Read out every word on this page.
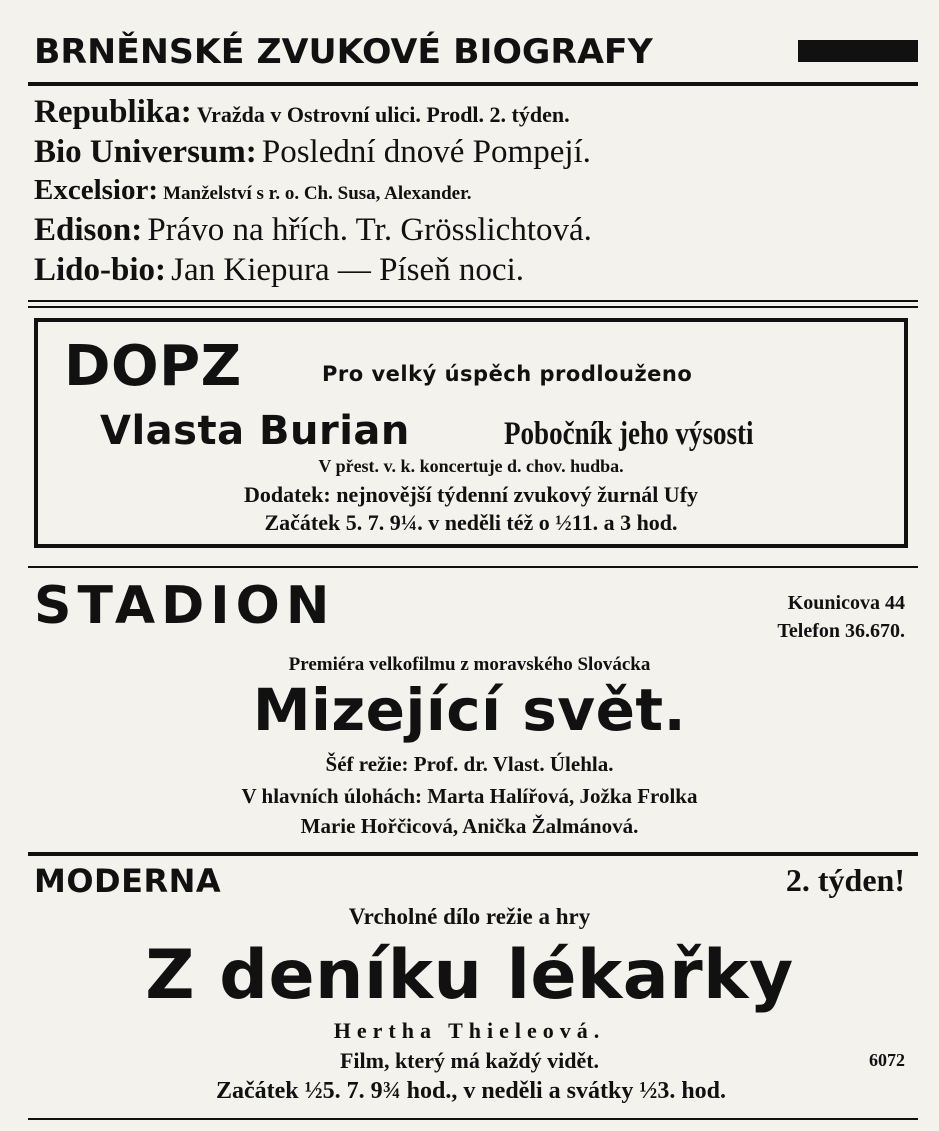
BRNĚNSKÉ ZVUKOVÉ BIOGRAFY
Republika: Vražda v Ostrovní ulici. Prodl. 2. týden.
Bio Universum: Poslední dnové Pompejí.
Excelsior: Manželství s r. o. Ch. Susa, Alexander.
Edison: Právo na hřích. Tr. Grösslichtová.
Lido-bio: Jan Kiepura — Píseň noci.
DOPZ	Pro velký úspěch prodlouženo
Vlasta Burian	Pobočník jeho výsosti
V přest. v. k. koncertuje d. chov. hudba.
Dodatek: nejnovější týdenní zvukový žurnál Ufy
Začátek 5. 7. 9¼. v neděli též o ½11. a 3 hod.
STADION	Kounicova 44
Telefon 36.670.
Premiéra velkofilmu z moravského Slovácka
Mizející svět.
Šéf režie: Prof. dr. Vlast. Úlehla.
V hlavních úlohách: Marta Halířová, Jožka Frolka
Marie Hořčicová, Anička Žalmánová.
MODERNA	2. týden!
Vrcholné dílo režie a hry
Z deníku lékařky
Hertha Thieleová.
Film, který má každý vidět.	6072
Začátek ½5. 7. 9¾ hod., v neděli a svátky ½3. hod.
